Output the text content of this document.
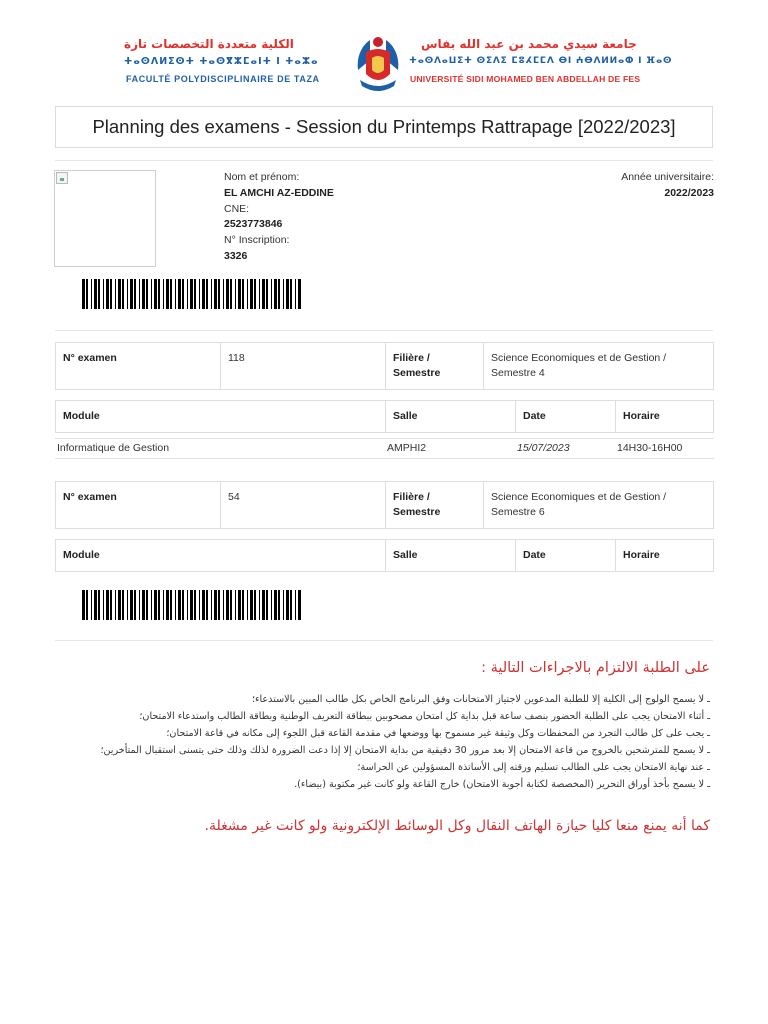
الكلية متعددة التخصصات تازة
ⵜⴰⵙⴷⵍⵉⵙⵜ ⵜⴰⵙⴳⵣⵎⴰⵏⵜ ⵏ ⵜⴰⵣⴰ
FACULTÉ POLYDISCIPLINAIRE DE TAZA
جامعة سيدي محمد بن عبد الله بفاس
ⵜⴰⵙⴷⴰⵡⵉⵜ ⵙⵉⴷⵉ ⵎⵓⵃⵎⵎⴷ ⴱⵏ ⵄⴱⴷⵍⵍⴰⵀ ⵏ ⴼⴰⵙ
UNIVERSITÉ SIDI MOHAMED BEN ABDELLAH DE FES
Planning des examens - Session du Printemps Rattrapage [2022/2023]
Nom et prénom:
EL AMCHI AZ-EDDINE
CNE:
2523773846
N° Inscription:
3326
Année universitaire:
2022/2023
N° examen	118	Filière / Semestre	Science Economiques et de Gestion / Semestre 4
Module	Salle	Date	Horaire
Informatique de Gestion	AMPHI2	15/07/2023	14H30-16H00
N° examen	54	Filière / Semestre	Science Economiques et de Gestion / Semestre 6
Module	Salle	Date	Horaire
على الطلبة الالتزام بالاجراءات التالية :
ـ لا يسمح الولوج إلى الكلية إلا للطلبة المدعوين لاجتياز الامتحانات وفق البرنامج الخاص بكل طالب المبين بالاستدعاء؛
ـ أثناء الامتحان يجب على الطلبة الحضور بنصف ساعة قبل بداية كل امتحان مصحوبين ببطاقة التعريف الوطنية وبطاقة الطالب واستدعاء الامتحان؛
ـ يجب على كل طالب التجرد من المحفظات وكل وثيقة غير مسموح بها ووضعها في مقدمة القاعة قبل اللجوء إلى مكانه في قاعة الامتحان؛
ـ لا يسمح للمترشحين بالخروج من قاعة الامتحان إلا بعد مرور 30 دقيقية من بداية الامتحان إلا إذا دعت الضرورة لذلك وذلك حتى يتسنى استقبال المتأخرين؛
ـ عند نهاية الامتحان يجب على الطالب تسليم ورقته إلى الأساتذة المسؤولين عن الحراسة؛
ـ لا يسمح بأخذ أوراق التحرير (المخصصة لكتابة أجوبة الامتحان) خارج القاعة ولو كانت غير مكتوبة (بيضاء).
كما أنه يمنع منعا كليا حيازة الهاتف النقال وكل الوسائط الإلكترونية ولو كانت غير مشغلة.
